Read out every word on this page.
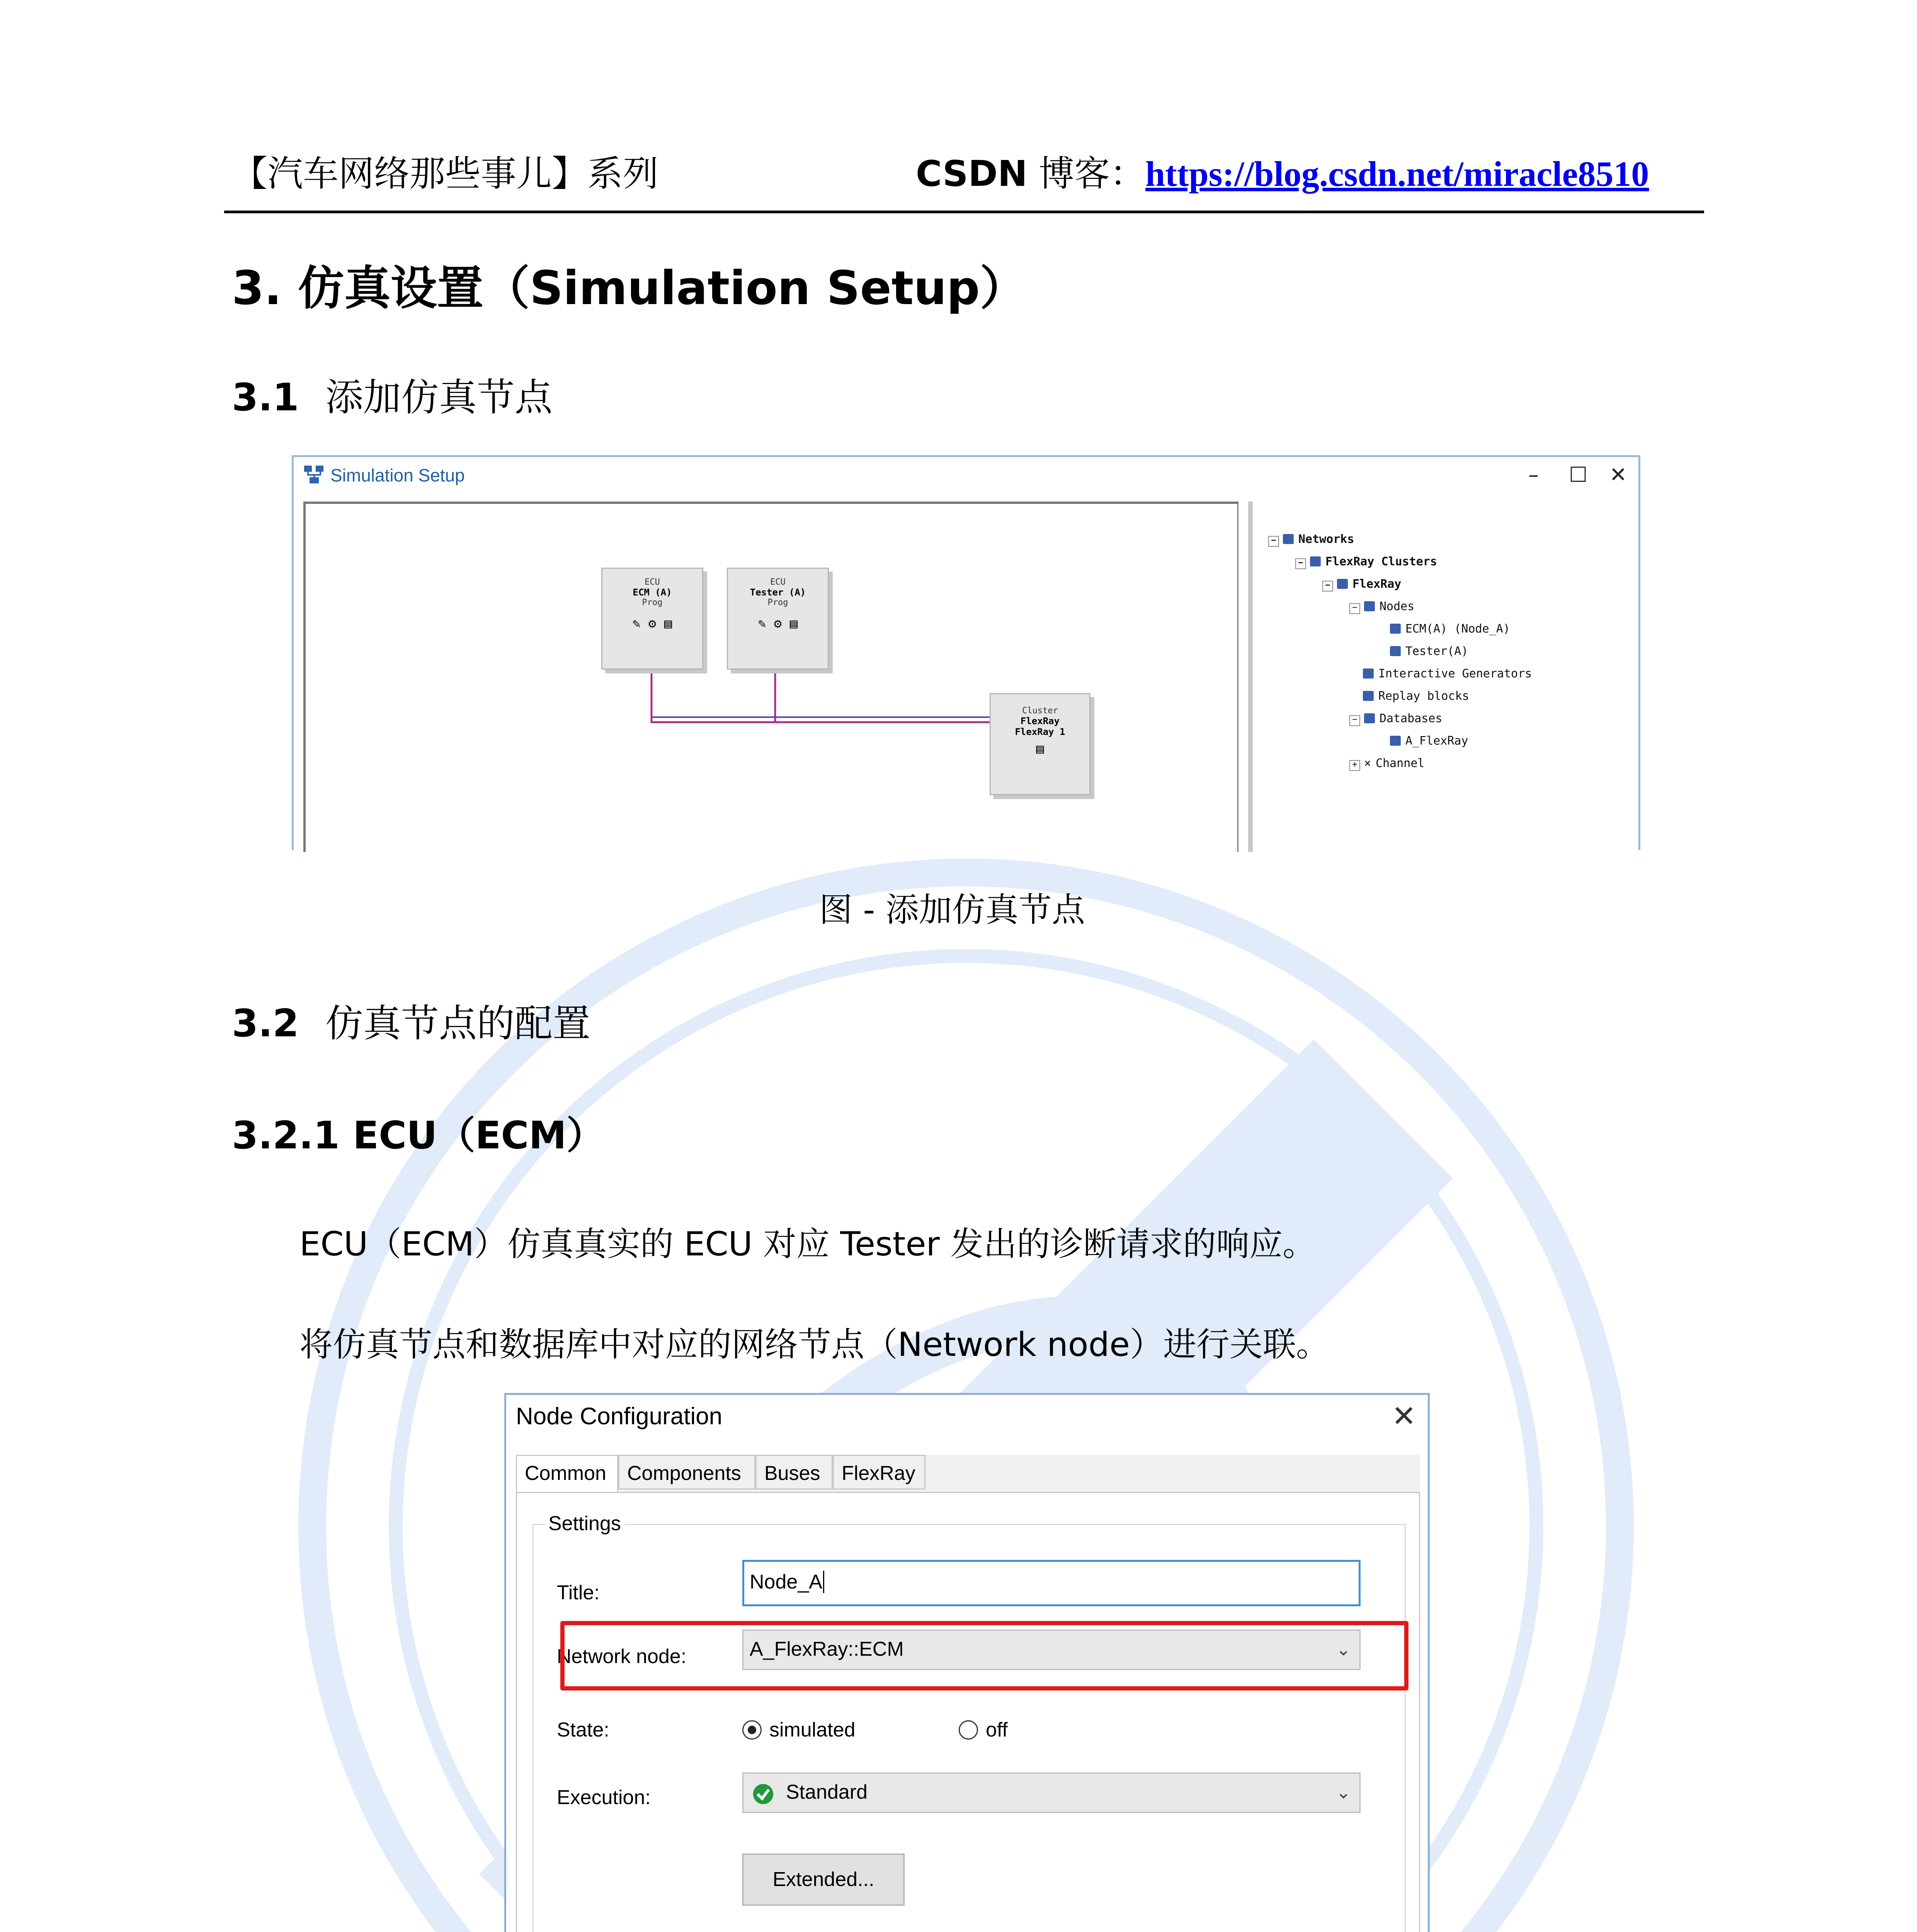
【汽车网络那些事儿】系列	CSDN 博客：https://blog.csdn.net/miracle8510
3. 仿真设置（Simulation Setup）
3.1 添加仿真节点
Simulation Setup	– ☐ ✕
ECU
ECM (A)
Prog
✎ ⚙ ▤
ECU
Tester (A)
Prog
✎ ⚙ ▤
Cluster
FlexRay
FlexRay 1
▤
− Networks
− FlexRay Clusters
− FlexRay
− Nodes
ECM(A) (Node_A)
Tester(A)
Interactive Generators
Replay blocks
− Databases
A_FlexRay
+ × Channel
图 - 添加仿真节点
3.2 仿真节点的配置
3.2.1 ECU（ECM）
ECU（ECM）仿真真实的 ECU 对应 Tester 发出的诊断请求的响应。
将仿真节点和数据库中对应的网络节点（Network node）进行关联。
Node Configuration	✕
Common	Components	Buses	FlexRay
Settings
Title:	Node_A
Network node:	A_FlexRay::ECM	⌄
State:	simulated	off
Execution:	Standard	⌄
Extended...
